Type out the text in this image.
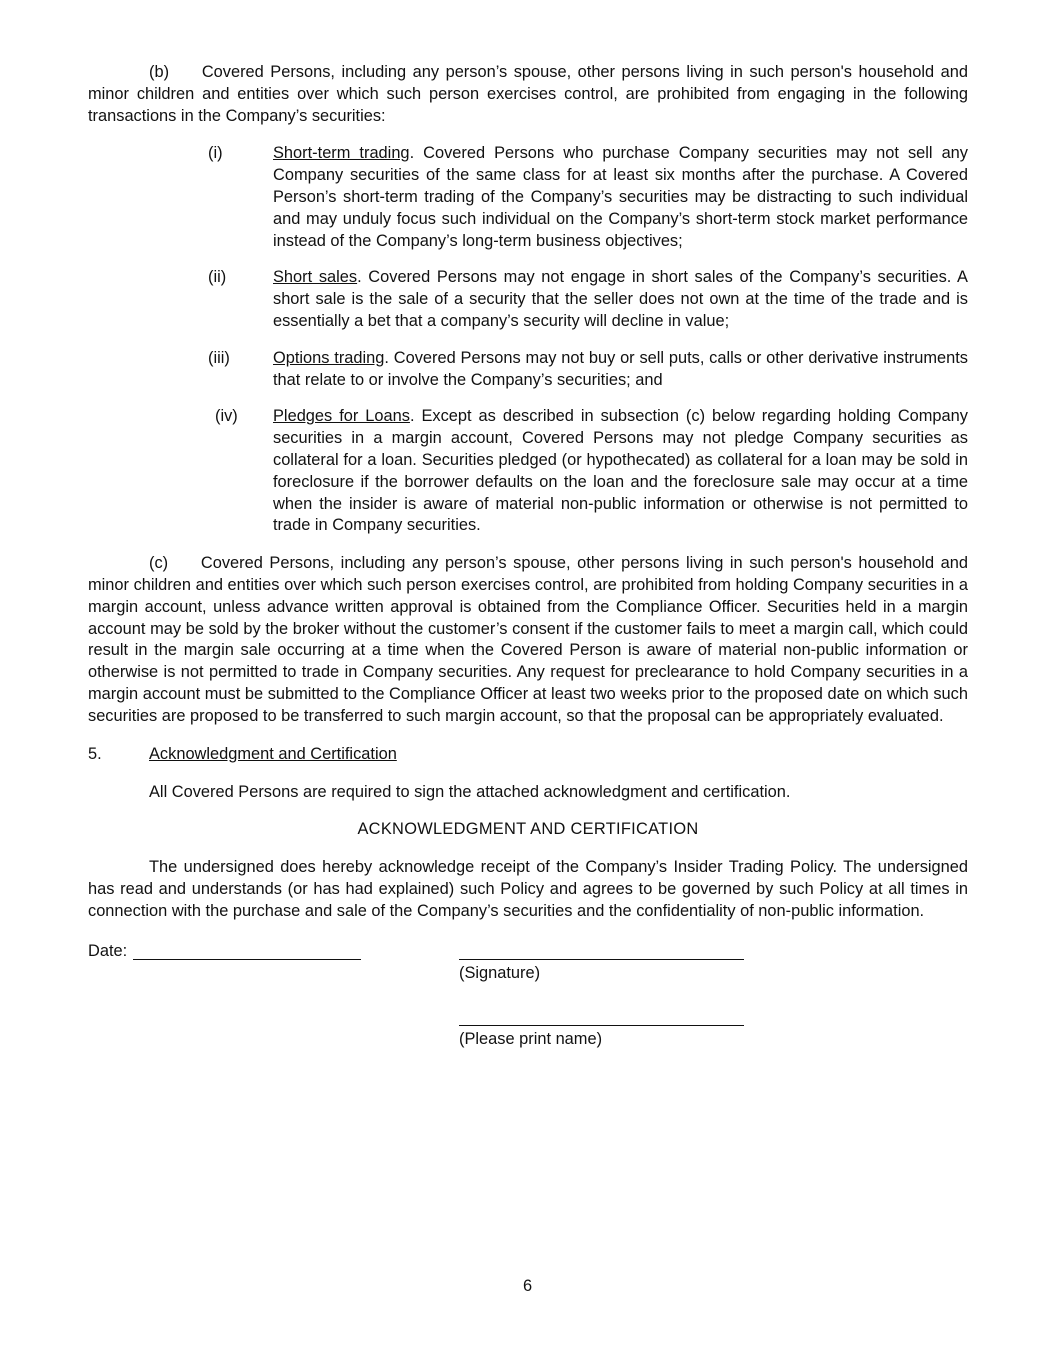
(b)  Covered Persons, including any person’s spouse, other persons living in such person's household and minor children and entities over which such person exercises control, are prohibited from engaging in the following transactions in the Company’s securities:

(i)	Short-term trading. Covered Persons who purchase Company securities may not sell any Company securities of the same class for at least six months after the purchase. A Covered Person’s short-term trading of the Company’s securities may be distracting to such individual and may unduly focus such individual on the Company’s short-term stock market performance instead of the Company’s long-term business objectives;
(ii)	Short sales. Covered Persons may not engage in short sales of the Company’s securities. A short sale is the sale of a security that the seller does not own at the time of the trade and is essentially a bet that a company’s security will decline in value;
(iii)	Options trading. Covered Persons may not buy or sell puts, calls or other derivative instruments that relate to or involve the Company’s securities; and
(iv) Pledges for Loans. Except as described in subsection (c) below regarding holding Company securities in a margin account, Covered Persons may not pledge Company securities as collateral for a loan. Securities pledged (or hypothecated) as collateral for a loan may be sold in foreclosure if the borrower defaults on the loan and the foreclosure sale may occur at a time when the insider is aware of material non-public information or otherwise is not permitted to trade in Company securities.

(c)  Covered Persons, including any person’s spouse, other persons living in such person's household and minor children and entities over which such person exercises control, are prohibited from holding Company securities in a margin account, unless advance written approval is obtained from the Compliance Officer. Securities held in a margin account may be sold by the broker without the customer’s consent if the customer fails to meet a margin call, which could result in the margin sale occurring at a time when the Covered Person is aware of material non-public information or otherwise is not permitted to trade in Company securities. Any request for preclearance to hold Company securities in a margin account must be submitted to the Compliance Officer at least two weeks prior to the proposed date on which such securities are proposed to be transferred to such margin account, so that the proposal can be appropriately evaluated.

5.	Acknowledgment and Certification

All Covered Persons are required to sign the attached acknowledgment and certification.

ACKNOWLEDGMENT AND CERTIFICATION

The undersigned does hereby acknowledge receipt of the Company’s Insider Trading Policy. The undersigned has read and understands (or has had explained) such Policy and agrees to be governed by such Policy at all times in connection with the purchase and sale of the Company’s securities and the confidentiality of non-public information.

Date:
(Signature)
(Please print name)
6
